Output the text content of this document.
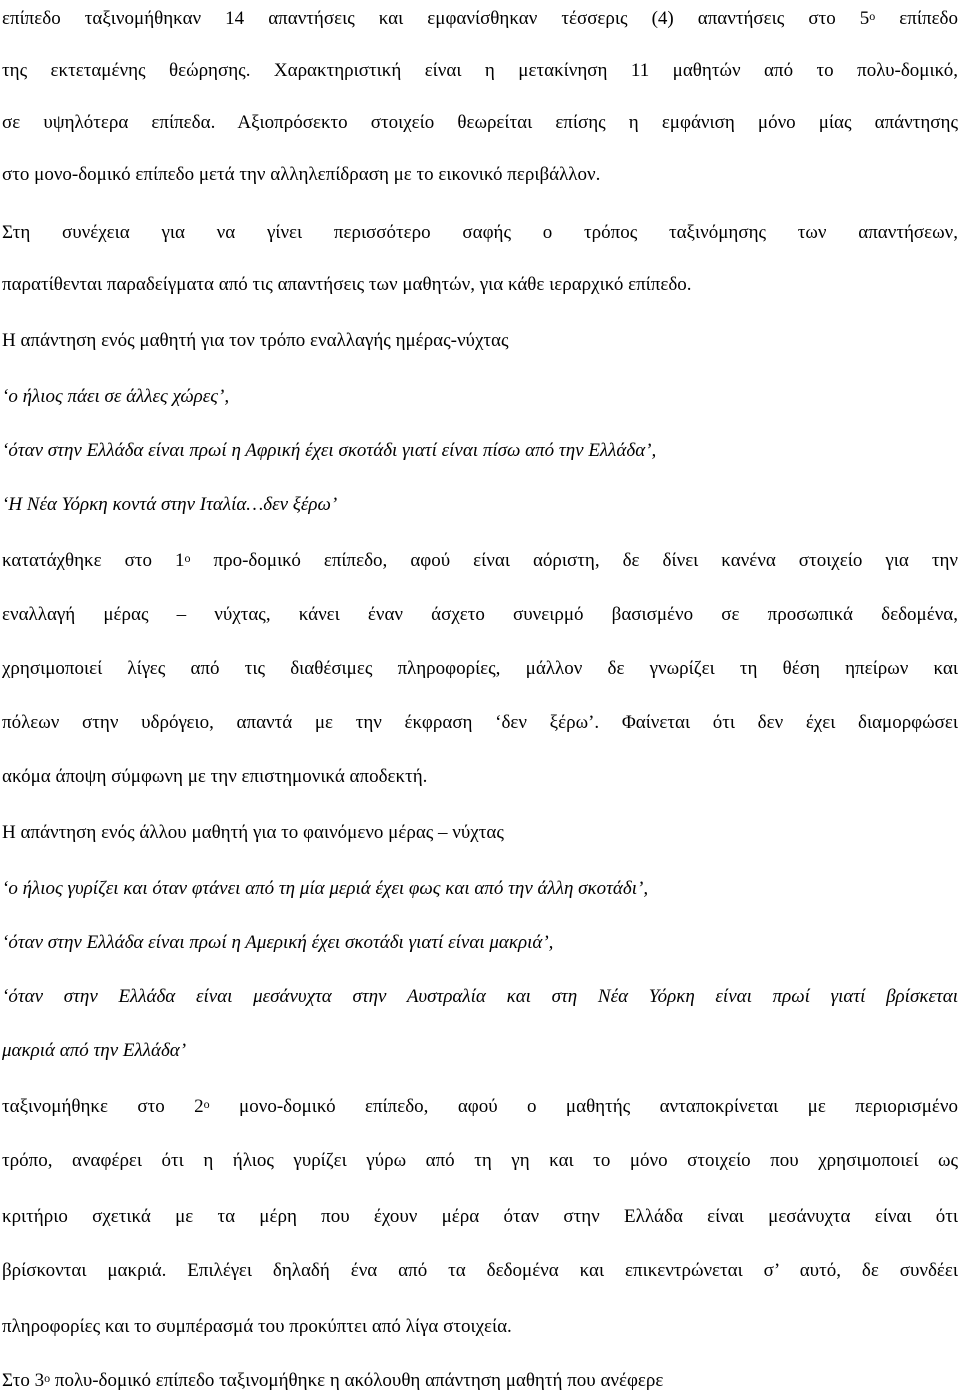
επίπεδο ταξινομήθηκαν 14 απαντήσεις και εμφανίσθηκαν τέσσερις (4) απαντήσεις στο $5^o$ επίπεδο
της εκτεταμένης θεώρησης. Χαρακτηριστική είναι η μετακίνηση 11 μαθητών από το πολυ-δομικό,
σε υψηλότερα επίπεδα. Αξιοπρόσεκτο στοιχείο θεωρείται επίσης η εμφάνιση μόνο μίας απάντησης
στο μονο-δομικό επίπεδο μετά την αλληλεπίδραση με το εικονικό περιβάλλον.
Στη συνέχεια για να γίνει περισσότερο σαφής ο τρόπος ταξινόμησης των απαντήσεων,
παρατίθενται παραδείγματα από τις απαντήσεις των μαθητών, για κάθε ιεραρχικό επίπεδο.
Η απάντηση ενός μαθητή για τον τρόπο εναλλαγής ημέρας-νύχτας
‘ο ήλιος πάει σε άλλες χώρες’,
‘όταν στην Ελλάδα είναι πρωί η Αφρική έχει σκοτάδι γιατί είναι πίσω από την Ελλάδα’,
‘Η Νέα Υόρκη κοντά στην Ιταλία…δεν ξέρω’
κατατάχθηκε στο $1^o$ προ-δομικό επίπεδο, αφού είναι αόριστη, δε δίνει κανένα στοιχείο για την
εναλλαγή μέρας – νύχτας, κάνει έναν άσχετο συνειρμό βασισμένο σε προσωπικά δεδομένα,
χρησιμοποιεί λίγες από τις διαθέσιμες πληροφορίες, μάλλον δε γνωρίζει τη θέση ηπείρων και
πόλεων στην υδρόγειο, απαντά με την έκφραση ‘δεν ξέρω’. Φαίνεται ότι δεν έχει διαμορφώσει
ακόμα άποψη σύμφωνη με την επιστημονικά αποδεκτή.
Η απάντηση ενός άλλου μαθητή για το φαινόμενο μέρας – νύχτας
‘ο ήλιος γυρίζει και όταν φτάνει από τη μία μεριά έχει φως και από την άλλη σκοτάδι’,
‘όταν στην Ελλάδα είναι πρωί η Αμερική έχει σκοτάδι γιατί είναι μακριά’,
‘όταν στην Ελλάδα είναι μεσάνυχτα στην Αυστραλία και στη Νέα Υόρκη είναι πρωί γιατί βρίσκεται
μακριά από την Ελλάδα’
ταξινομήθηκε στο $2^o$ μονο-δομικό επίπεδο, αφού ο μαθητής ανταποκρίνεται με περιορισμένο
τρόπο, αναφέρει ότι η ήλιος γυρίζει γύρω από τη γη και το μόνο στοιχείο που χρησιμοποιεί ως
κριτήριο σχετικά με τα μέρη που έχουν μέρα όταν στην Ελλάδα είναι μεσάνυχτα είναι ότι
βρίσκονται μακριά. Επιλέγει δηλαδή ένα από τα δεδομένα και επικεντρώνεται σ’ αυτό, δε συνδέει
πληροφορίες και το συμπέρασμά του προκύπτει από λίγα στοιχεία.
Στο $3^o$ πολυ-δομικό επίπεδο ταξινομήθηκε η ακόλουθη απάντηση μαθητή που ανέφερε
